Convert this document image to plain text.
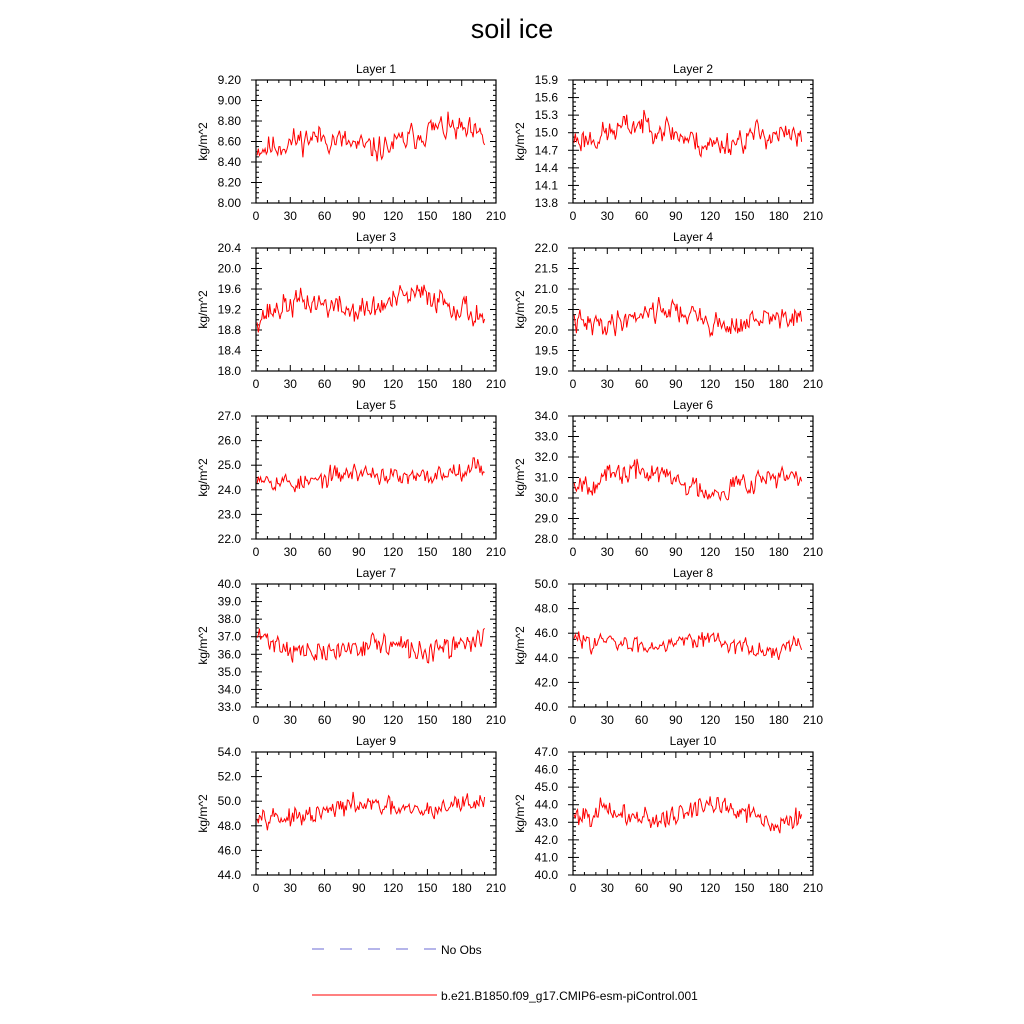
soil ice
Layer 1
kg/m^2
0 30 60 90 120 150 180 210
8.00
8.20
8.40
8.60
8.80
9.00
9.20
Layer 2
kg/m^2
0 30 60 90 120 150 180 210
13.8
14.1
14.4
14.7
15.0
15.3
15.6
15.9
Layer 3
kg/m^2
0 30 60 90 120 150 180 210
18.0
18.4
18.8
19.2
19.6
20.0
20.4
Layer 4
kg/m^2
0 30 60 90 120 150 180 210
19.0
19.5
20.0
20.5
21.0
21.5
22.0
Layer 5
kg/m^2
0 30 60 90 120 150 180 210
22.0
23.0
24.0
25.0
26.0
27.0
Layer 6
kg/m^2
0 30 60 90 120 150 180 210
28.0
29.0
30.0
31.0
32.0
33.0
34.0
Layer 7
kg/m^2
0 30 60 90 120 150 180 210
33.0
34.0
35.0
36.0
37.0
38.0
39.0
40.0
Layer 8
kg/m^2
0 30 60 90 120 150 180 210
40.0
42.0
44.0
46.0
48.0
50.0
Layer 9
kg/m^2
0 30 60 90 120 150 180 210
44.0
46.0
48.0
50.0
52.0
54.0
Layer 10
kg/m^2
0 30 60 90 120 150 180 210
40.0
41.0
42.0
43.0
44.0
45.0
46.0
47.0
No Obs
b.e21.B1850.f09_g17.CMIP6-esm-piControl.001
